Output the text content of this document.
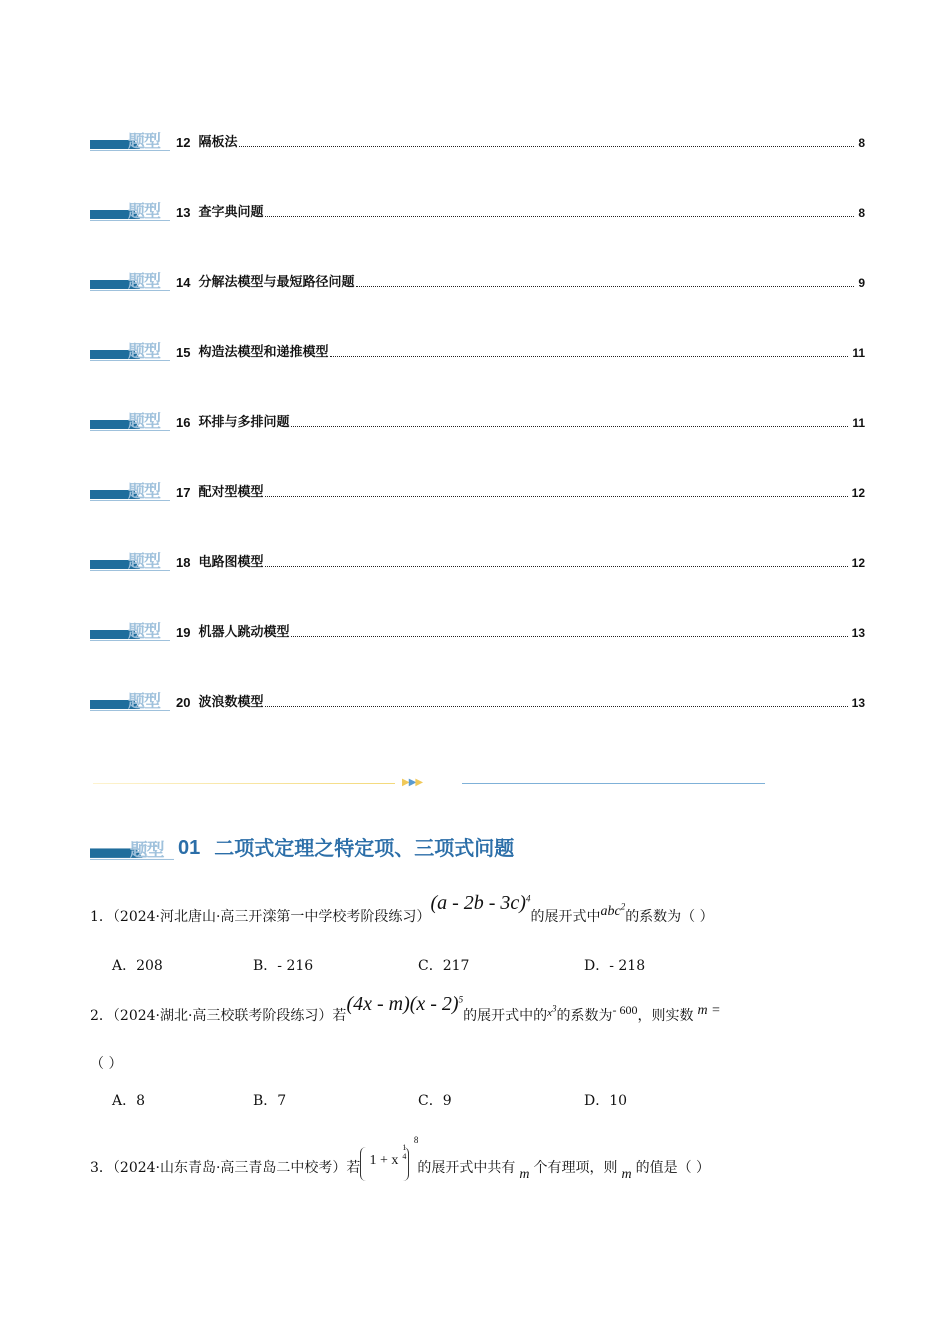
题型 12 隔板法	8
题型 13 查字典问题	8
题型 14 分解法模型与最短路径问题	9
题型 15 构造法模型和递推模型	11
题型 16 环排与多排问题	11
题型 17 配对型模型	12
题型 18 电路图模型	12
题型 19 机器人跳动模型	13
题型 20 波浪数模型	13
▶▶▶
题型 01 二项式定理之特定项、三项式问题
1．（2024·河北唐山·高三开滦第一中学校考阶段练习）(a - 2b - 3c)$^4$的展开式中abc$^2$的系数为（ ）
A．208	B．- 216	C．217	D．- 218
2．（2024·湖北·高三校联考阶段练习）若(4x - m)(x - 2)$^5$的展开式中的$^{x^3}$的系数为- 600，则实数 m =
（ ）
A．8	B．7	C．9	D．10
3．（2024·山东青岛·高三青岛二中校考）若 1 + x
1
4
8
的展开式中共有 m 个有理项，则 m 的值是（ ）
